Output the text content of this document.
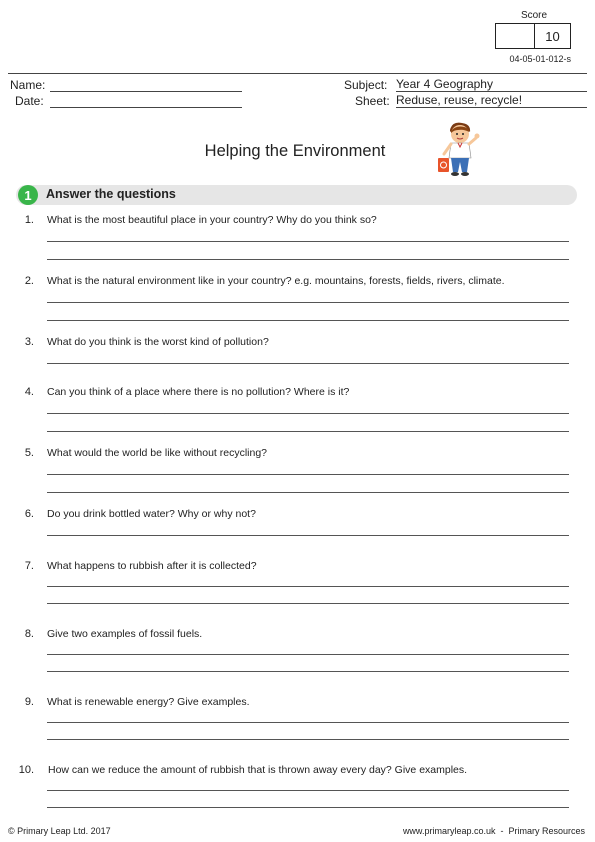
Score
10
04-05-01-012-s
Name:
Date:
Subject: Year 4 Geography
Sheet: Reduse, reuse, recycle!
Helping the Environment
1	Answer the questions
1. What is the most beautiful place in your country? Why do you think so?
2. What is the natural environment like in your country? e.g. mountains, forests, fields, rivers, climate.
3. What do you think is the worst kind of pollution?
4. Can you think of a place where there is no pollution? Where is it?
5. What would the world be like without recycling?
6. Do you drink bottled water? Why or why not?
7. What happens to rubbish after it is collected?
8. Give two examples of fossil fuels.
9. What is renewable energy? Give examples.
10. How can we reduce the amount of rubbish that is thrown away every day? Give examples.
© Primary Leap Ltd. 2017	www.primaryleap.co.uk  -  Primary Resources
